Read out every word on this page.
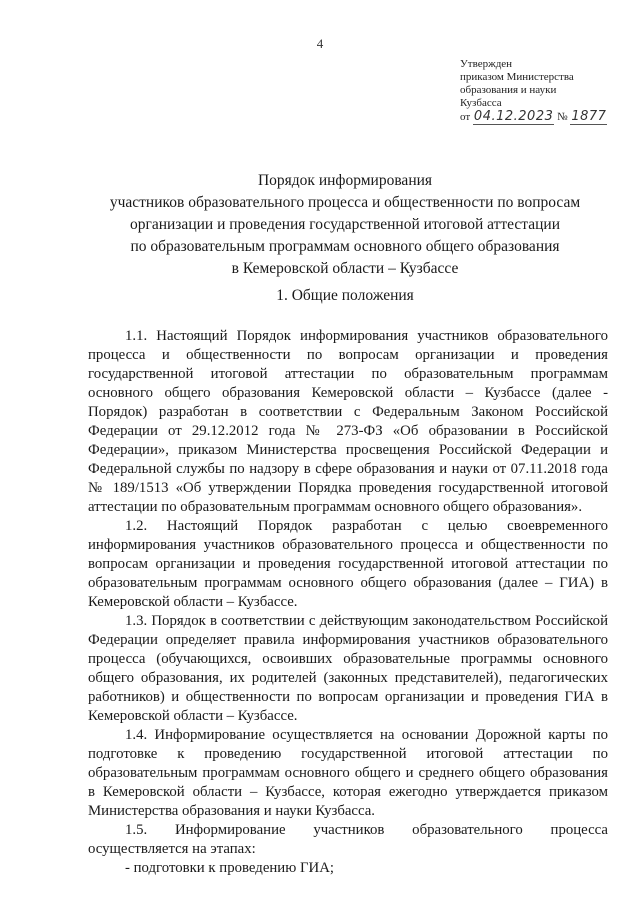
4
Утвержден
приказом Министерства
образования и науки
Кузбасса
от 04.12.2023 № 1877
Порядок информирования
участников образовательного процесса и общественности по вопросам
организации и проведения государственной итоговой аттестации
по образовательным программам основного общего образования
в Кемеровской области – Кузбассе
1. Общие положения

1.1. Настоящий Порядок информирования участников образовательного процесса и общественности по вопросам организации и проведения государственной итоговой аттестации по образовательным программам основного общего образования Кемеровской области – Кузбассе (далее - Порядок) разработан в соответствии с Федеральным Законом Российской Федерации от 29.12.2012 года № 273-ФЗ «Об образовании в Российской Федерации», приказом Министерства просвещения Российской Федерации и Федеральной службы по надзору в сфере образования и науки от 07.11.2018 года № 189/1513 «Об утверждении Порядка проведения государственной итоговой аттестации по образовательным программам основного общего образования».

1.2. Настоящий Порядок разработан с целью своевременного информирования участников образовательного процесса и общественности по вопросам организации и проведения государственной итоговой аттестации по образовательным программам основного общего образования (далее – ГИА) в Кемеровской области – Кузбассе.

1.3. Порядок в соответствии с действующим законодательством Российской Федерации определяет правила информирования участников образовательного процесса (обучающихся, освоивших образовательные программы основного общего образования, их родителей (законных представителей), педагогических работников) и общественности по вопросам организации и проведения ГИА в Кемеровской области – Кузбассе.

1.4. Информирование осуществляется на основании Дорожной карты по подготовке к проведению государственной итоговой аттестации по образовательным программам основного общего и среднего общего образования в Кемеровской области – Кузбассе, которая ежегодно утверждается приказом Министерства образования и науки Кузбасса.

1.5. Информирование участников образовательного процесса осуществляется на этапах:

- подготовки к проведению ГИА;
